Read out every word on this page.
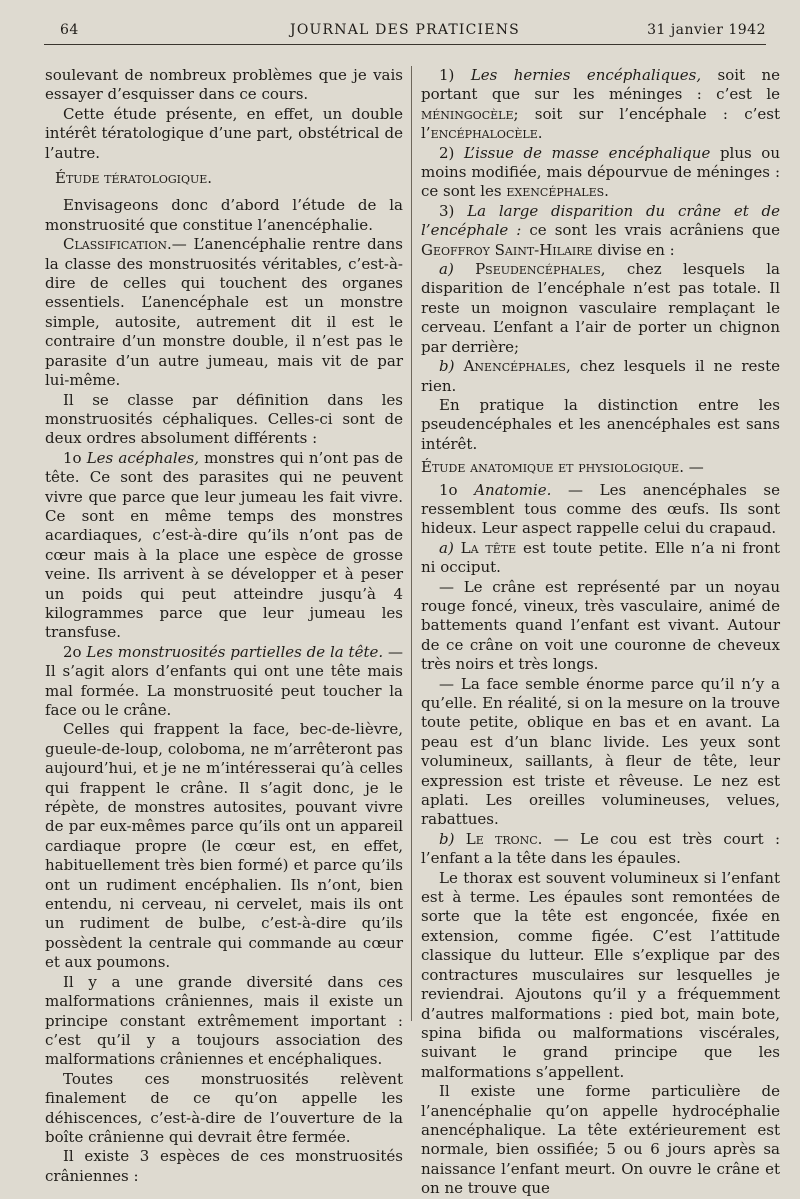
64	JOURNAL DES PRATICIENS	31 janvier 1942

soulevant de nombreux problèmes que je vais essayer d’esquisser dans ce cours.

Cette étude présente, en effet, un double intérêt tératologique d’une part, obstétrical de l’autre.

Étude tératologique.

Envisageons donc d’abord l’étude de la monstruosité que constitue l’anencéphalie.

Classification.— L’anencéphalie rentre dans la classe des monstruosités véritables, c’est-à-dire de celles qui touchent des organes essentiels. L’anencéphale est un monstre simple, autosite, autrement dit il est le contraire d’un monstre double, il n’est pas le parasite d’un autre jumeau, mais vit de par lui-même.

Il se classe par définition dans les monstruosités céphaliques. Celles-ci sont de deux ordres absolument différents :

1o Les acéphales, monstres qui n’ont pas de tête. Ce sont des parasites qui ne peuvent vivre que parce que leur jumeau les fait vivre. Ce sont en même temps des monstres acardiaques, c’est-à-dire qu’ils n’ont pas de cœur mais à la place une espèce de grosse veine. Ils arrivent à se développer et à peser un poids qui peut atteindre jusqu’à 4 kilogrammes parce que leur jumeau les transfuse.

2o Les monstruosités partielles de la tête. — Il s’agit alors d’enfants qui ont une tête mais mal formée. La monstruosité peut toucher la face ou le crâne.

Celles qui frappent la face, bec-de-lièvre, gueule-de-loup, coloboma, ne m’arrêteront pas aujourd’hui, et je ne m’intéresserai qu’à celles qui frappent le crâne. Il s’agit donc, je le répète, de monstres autosites, pouvant vivre de par eux-mêmes parce qu’ils ont un appareil cardiaque propre (le cœur est, en effet, habituellement très bien formé) et parce qu’ils ont un rudiment encéphalien. Ils n’ont, bien entendu, ni cerveau, ni cervelet, mais ils ont un rudiment de bulbe, c’est-à-dire qu’ils possèdent la centrale qui commande au cœur et aux poumons.

Il y a une grande diversité dans ces malformations crâniennes, mais il existe un principe constant extrêmement important : c’est qu’il y a toujours association des malformations crâniennes et encéphaliques.

Toutes ces monstruosités relèvent finalement de ce qu’on appelle les déhiscences, c’est-à-dire de l’ouverture de la boîte crânienne qui devrait être fermée.

Il existe 3 espèces de ces monstruosités crâniennes :

1) Les hernies encéphaliques, soit ne portant que sur les méninges : c’est le méningocèle; soit sur l’encéphale : c’est l’encéphalocèle.

2) L’issue de masse encéphalique plus ou moins modifiée, mais dépourvue de méninges : ce sont les exencéphales.

3) La large disparition du crâne et de l’encéphale : ce sont les vrais acrâniens que Geoffroy Saint-Hilaire divise en :

a) Pseudencéphales, chez lesquels la disparition de l’encéphale n’est pas totale. Il reste un moignon vasculaire remplaçant le cerveau. L’enfant a l’air de porter un chignon par derrière;

b) Anencéphales, chez lesquels il ne reste rien.

En pratique la distinction entre les pseudencéphales et les anencéphales est sans intérêt.

Étude anatomique et physiologique. —

1o Anatomie. — Les anencéphales se ressemblent tous comme des œufs. Ils sont hideux. Leur aspect rappelle celui du crapaud.

a) La tête est toute petite. Elle n’a ni front ni occiput.

— Le crâne est représenté par un noyau rouge foncé, vineux, très vasculaire, animé de battements quand l’enfant est vivant. Autour de ce crâne on voit une couronne de cheveux très noirs et très longs.

— La face semble énorme parce qu’il n’y a qu’elle. En réalité, si on la mesure on la trouve toute petite, oblique en bas et en avant. La peau est d’un blanc livide. Les yeux sont volumineux, saillants, à fleur de tête, leur expression est triste et rêveuse. Le nez est aplati. Les oreilles volumineuses, velues, rabattues.

b) Le tronc. — Le cou est très court : l’enfant a la tête dans les épaules.

Le thorax est souvent volumineux si l’enfant est à terme. Les épaules sont remontées de sorte que la tête est engoncée, fixée en extension, comme figée. C’est l’attitude classique du lutteur. Elle s’explique par des contractures musculaires sur lesquelles je reviendrai. Ajoutons qu’il y a fréquemment d’autres malformations : pied bot, main bote, spina bifida ou malformations viscérales, suivant le grand principe que les malformations s’appellent.

Il existe une forme particulière de l’anencéphalie qu’on appelle hydrocéphalie anencéphalique. La tête extérieurement est normale, bien ossifiée; 5 ou 6 jours après sa naissance l’enfant meurt. On ouvre le crâne et on ne trouve que
